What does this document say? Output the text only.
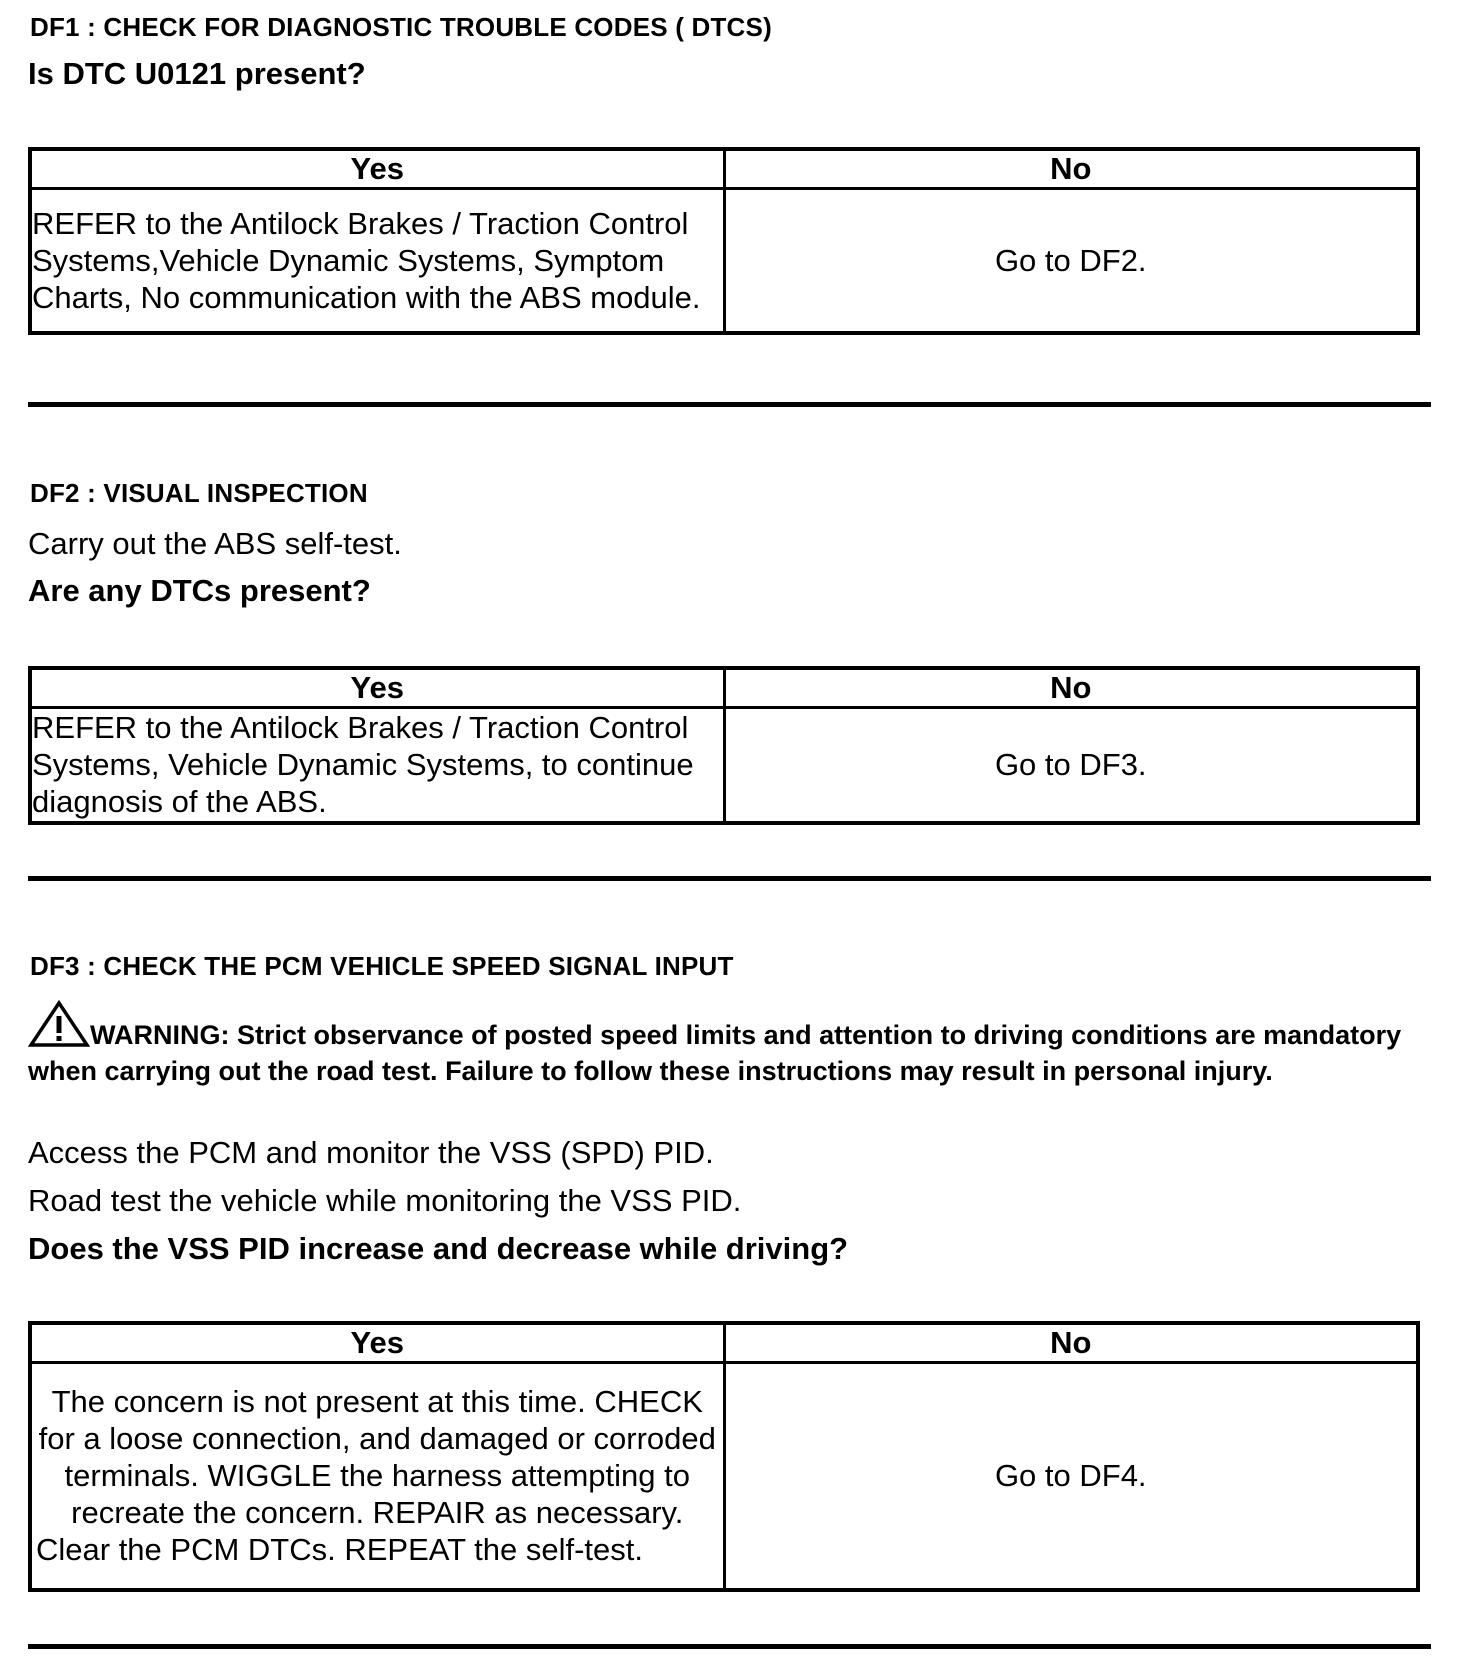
DF1 : CHECK FOR DIAGNOSTIC TROUBLE CODES ( DTCS)
Is DTC U0121 present?
Yes	No
REFER to the Antilock Brakes / Traction Control Systems,Vehicle Dynamic Systems, Symptom Charts, No communication with the ABS module.	Go to DF2.
DF2 : VISUAL INSPECTION
Carry out the ABS self-test.
Are any DTCs present?
Yes	No
REFER to the Antilock Brakes / Traction Control Systems, Vehicle Dynamic Systems, to continue diagnosis of the ABS.	Go to DF3.
DF3 : CHECK THE PCM VEHICLE SPEED SIGNAL INPUT
WARNING: Strict observance of posted speed limits and attention to driving conditions are mandatory when carrying out the road test. Failure to follow these instructions may result in personal injury.
Access the PCM and monitor the VSS (SPD) PID.
Road test the vehicle while monitoring the VSS PID.
Does the VSS PID increase and decrease while driving?
Yes	No

The concern is not present at this time. CHECK for a loose connection, and damaged or corroded terminals. WIGGLE the harness attempting to recreate the concern. REPAIR as necessary.
Clear the PCM DTCs. REPEAT the self-test.	Go to DF4.
